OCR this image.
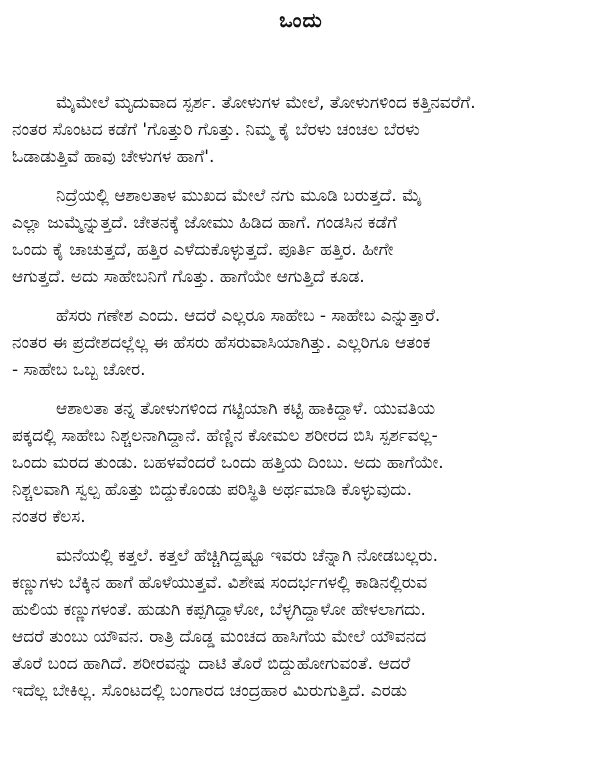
ಒಂದು
ಮೈಮೇಲೆ ಮೃದುವಾದ ಸ್ಪರ್ಶ. ತೋಳುಗಳ ಮೇಲೆ, ತೋಳುಗಳಿಂದ ಕತ್ತಿನವರೆಗೆ.
ನಂತರ ಸೊಂಟದ ಕಡೆಗೆ 'ಗೊತ್ತುರಿ ಗೊತ್ತು. ನಿಮ್ಮ ಕೈ ಬೆರಳು ಚಂಚಲ ಬೆರಳು
ಓಡಾಡುತ್ತಿವೆ ಹಾವು ಚೇಳುಗಳ ಹಾಗೆ'.
ನಿದ್ರೆಯಲ್ಲಿ ಆಶಾಲತಾಳ ಮುಖದ ಮೇಲೆ ನಗು ಮೂಡಿ ಬರುತ್ತದೆ. ಮೈ
ಎಲ್ಲಾ ಜುಮ್ಮೆನ್ನುತ್ತದೆ. ಚೇತನಕ್ಕೆ ಜೋಮು ಹಿಡಿದ ಹಾಗೆ. ಗಂಡಸಿನ ಕಡೆಗೆ
ಒಂದು ಕೈ ಚಾಚುತ್ತದೆ, ಹತ್ತಿರ ಎಳೆದುಕೊಳ್ಳುತ್ತದೆ. ಪೂರ್ತಿ ಹತ್ತಿರ. ಹೀಗೇ
ಆಗುತ್ತದೆ. ಅದು ಸಾಹೇಬನಿಗೆ ಗೊತ್ತು. ಹಾಗೆಯೇ ಆಗುತ್ತಿದೆ ಕೂಡ.
ಹೆಸರು ಗಣೇಶ ಎಂದು. ಆದರೆ ಎಲ್ಲರೂ ಸಾಹೇಬ - ಸಾಹೇಬ ಎನ್ನುತ್ತಾರೆ.
ನಂತರ ಈ ಪ್ರದೇಶದಲ್ಲೆಲ್ಲ ಈ ಹೆಸರು ಹೆಸರುವಾಸಿಯಾಗಿತ್ತು. ಎಲ್ಲರಿಗೂ ಆತಂಕ
- ಸಾಹೇಬ ಒಬ್ಬ ಚೋರ.
ಆಶಾಲತಾ ತನ್ನ ತೋಳುಗಳಿಂದ ಗಟ್ಟಿಯಾಗಿ ಕಟ್ಟಿ ಹಾಕಿದ್ದಾಳೆ. ಯುವತಿಯ
ಪಕ್ಕದಲ್ಲಿ ಸಾಹೇಬ ನಿಶ್ಚಲನಾಗಿದ್ದಾನೆ. ಹೆಣ್ಣಿನ ಕೋಮಲ ಶರೀರದ ಬಿಸಿ ಸ್ಪರ್ಶವಲ್ಲ-
ಒಂದು ಮರದ ತುಂಡು. ಬಹಳವೆಂದರೆ ಒಂದು ಹತ್ತಿಯ ದಿಂಬು. ಅದು ಹಾಗೆಯೇ.
ನಿಶ್ಚಲವಾಗಿ ಸ್ವಲ್ಪ ಹೊತ್ತು ಬಿದ್ದುಕೊಂಡು ಪರಿಸ್ಥಿತಿ ಅರ್ಥಮಾಡಿ ಕೊಳ್ಳುವುದು.
ನಂತರ ಕೆಲಸ.
ಮನೆಯಲ್ಲಿ ಕತ್ತಲೆ. ಕತ್ತಲೆ ಹೆಚ್ಚಿಗಿದ್ದಷ್ಟೂ ಇವರು ಚೆನ್ನಾಗಿ ನೋಡಬಲ್ಲರು.
ಕಣ್ಣುಗಳು ಬೆಕ್ಕಿನ ಹಾಗೆ ಹೊಳೆಯುತ್ತವೆ. ವಿಶೇಷ ಸಂದರ್ಭಗಳಲ್ಲಿ ಕಾಡಿನಲ್ಲಿರುವ
ಹುಲಿಯ ಕಣ್ಣುಗಳಂತೆ. ಹುಡುಗಿ ಕಪ್ಪಗಿದ್ದಾಳೋ, ಬೆಳ್ಳಗಿದ್ದಾಳೋ ಹೇಳಲಾಗದು.
ಆದರೆ ತುಂಬು ಯೌವನ. ರಾತ್ರಿ ದೊಡ್ಡ ಮಂಚದ ಹಾಸಿಗೆಯ ಮೇಲೆ ಯೌವನದ
ತೊರೆ ಬಂದ ಹಾಗಿದೆ. ಶರೀರವನ್ನು ದಾಟಿ ತೊರೆ ಬಿದ್ದುಹೋಗುವಂತೆ. ಆದರೆ
ಇದೆಲ್ಲ ಬೇಕಿಲ್ಲ. ಸೊಂಟದಲ್ಲಿ ಬಂಗಾರದ ಚಂದ್ರಹಾರ ಮಿರುಗುತ್ತಿದೆ. ಎರಡು
